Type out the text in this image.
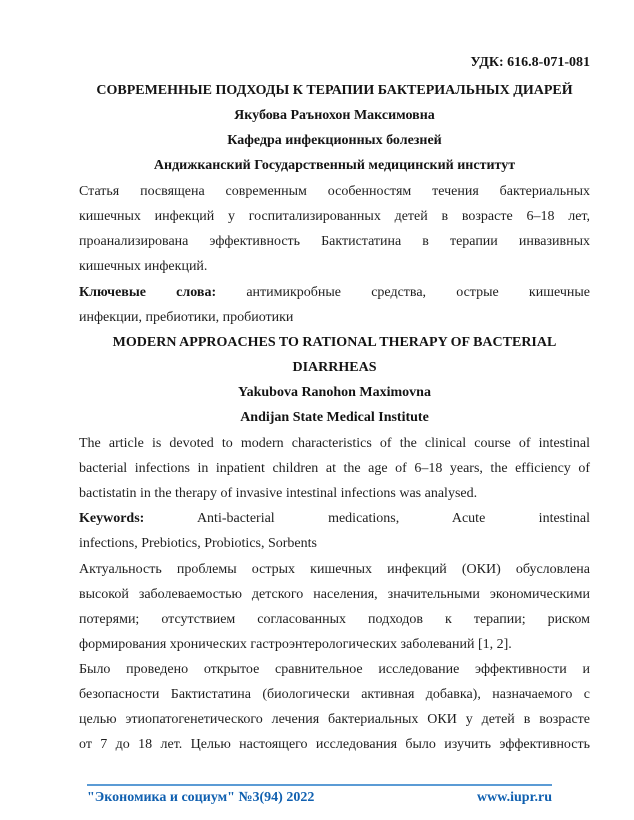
УДК: 616.8-071-081
СОВРЕМЕННЫЕ ПОДХОДЫ К ТЕРАПИИ БАКТЕРИАЛЬНЫХ ДИАРЕЙ
Якубова Раънохон Максимовна
Кафедра инфекционных болезней
Андижканский Государственный медицинский институт
Статья посвящена современным особенностям течения бактериальных
кишечных инфекций у госпитализированных детей в возрасте 6–18 лет,
проанализирована эффективность Бактистатина в терапии инвазивных
кишечных инфекций.
Ключевые слова: антимикробные средства, острые кишечные
инфекции, пребиотики, пробиотики
MODERN APPROACHES TO RATIONAL THERAPY OF BACTERIAL
DIARRHEAS
Yakubova Ranohon Maximovna
Andijan State Medical Institute
The article is devoted to modern characteristics of the clinical course of intestinal
bacterial infections in inpatient children at the age of 6–18 years, the efficiency of
bactistatin in the therapy of invasive intestinal infections was analysed.
Keywords: Anti-bacterial medications, Acute intestinal
infections, Prebiotics, Probiotics, Sorbents
Актуальность проблемы острых кишечных инфекций (ОКИ) обусловлена
высокой заболеваемостью детского населения, значительными экономическими
потерями; отсутствием согласованных подходов к терапии; риском
формирования хронических гастроэнтерологических заболеваний [1, 2].
Было проведено открытое сравнительное исследование эффективности и
безопасности Бактистатина (биологически активная добавка), назначаемого с
целью этиопатогенетического лечения бактериальных ОКИ у детей в возрасте
от 7 до 18 лет. Целью настоящего исследования было изучить эффективность
"Экономика и социум" №3(94) 2022	www.iupr.ru
